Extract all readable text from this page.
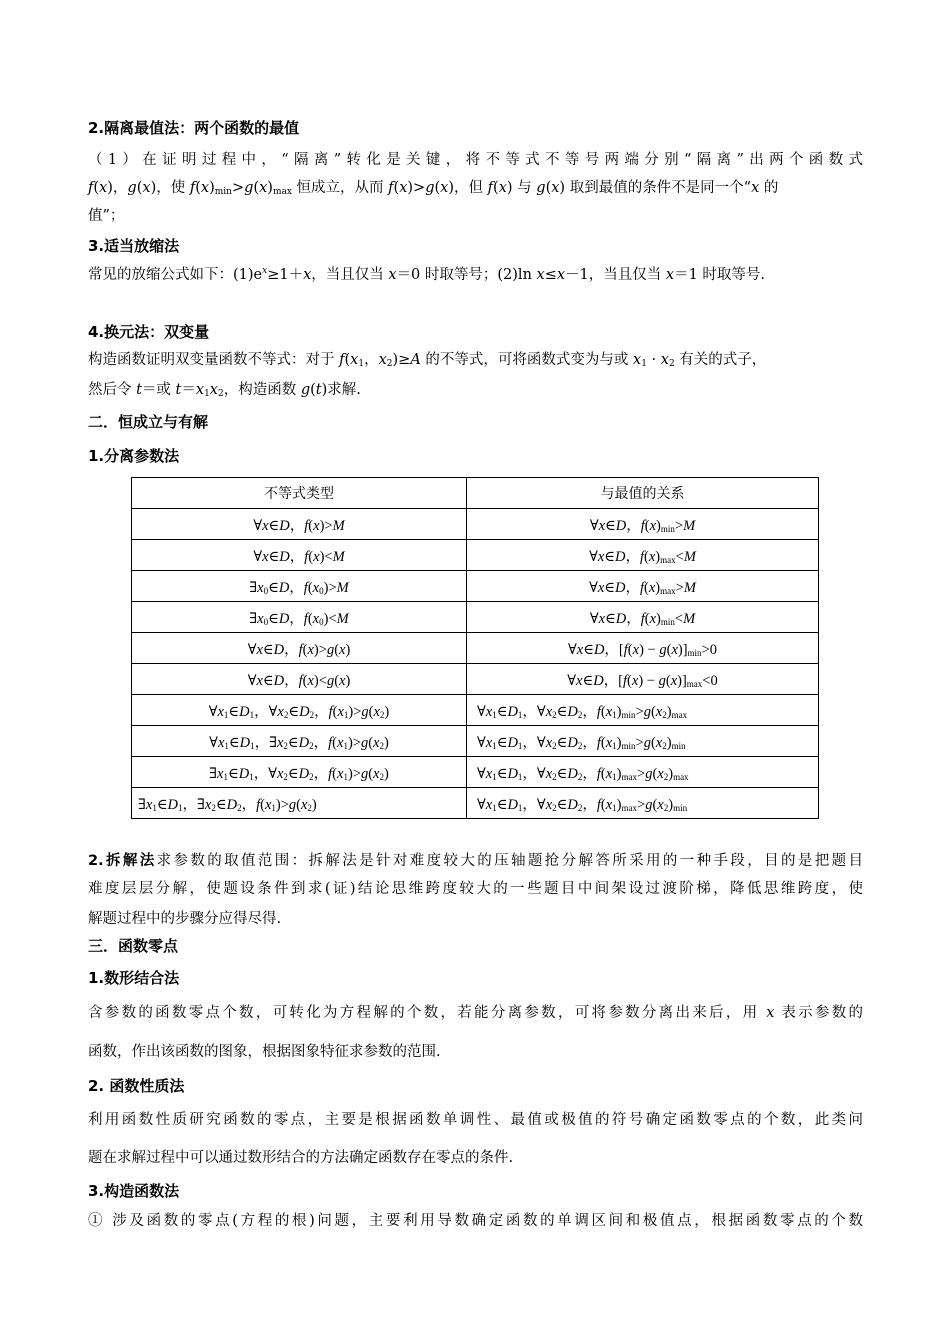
2.隔离最值法：两个函数的最值
（1）在证明过程中，“隔离”转化是关键，将不等式不等号两端分别“隔离”出两个函数式
f(x)，g(x)，使 $f(x)_{min}>g(x)_{max}$ 恒成立，从而 f(x)>g(x)，但 f(x) 与 g(x) 取到最值的条件不是同一个“x 的
值”；
3.适当放缩法
常见的放缩公式如下：$(1)e^x\ge 1+x$，当且仅当 x＝0 时取等号；(2)ln x≤x－1，当且仅当 x＝1 时取等号.
4.换元法：双变量
构造函数证明双变量函数不等式：对于 $f(x_1$，$x_2)\ge A$ 的不等式，可将函数式变为与或 $x_1 \cdot x_2$ 有关的式子，
然后令 t＝或 $t=x_1x_2$，构造函数 g(t)求解.
二．恒成立与有解
1.分离参数法
不等式类型	与最值的关系
∀x∈D，f(x)>M	∀x∈D，$f(x)_{min}>M$
∀x∈D，f(x)<M	∀x∈D，$f(x)_{max}<M$
$\exists x_0\in D$，$f(x_0)>M$	∀x∈D，$f(x)_{max}>M$
$\exists x_0\in D$，$f(x_0)<M$	∀x∈D，$f(x)_{min}<M$
∀x∈D，f(x)>g(x)	∀x∈D，$[f(x) - g(x)]_{min}>0$
∀x∈D，f(x)<g(x)	∀x∈D，$[f(x) - g(x)]_{max}<0$
$\forall x_1\in D_1$，$\forall x_2\in D_2$，$f(x_1)>g(x_2)$	$\forall x_1\in D_1$，$\forall x_2\in D_2$，$f(x_1)_{min}>g(x_2)_{max}$
$\forall x_1\in D_1$，$\exists x_2\in D_2$，$f(x_1)>g(x_2)$	$\forall x_1\in D_1$，$\forall x_2\in D_2$，$f(x_1)_{min}>g(x_2)_{min}$
$\exists x_1\in D_1$，$\forall x_2\in D_2$，$f(x_1)>g(x_2)$	$\forall x_1\in D_1$，$\forall x_2\in D_2$，$f(x_1)_{max}>g(x_2)_{max}$
$\exists x_1\in D_1$，$\exists x_2\in D_2$，$f(x_1)>g(x_2)$	$\forall x_1\in D_1$，$\forall x_2\in D_2$，$f(x_1)_{max}>g(x_2)_{min}$
2.拆解法求参数的取值范围：拆解法是针对难度较大的压轴题抢分解答所采用的一种手段，目的是把题目
难度层层分解，使题设条件到求(证)结论思维跨度较大的一些题目中间架设过渡阶梯，降低思维跨度，使
解题过程中的步骤分应得尽得.
三．函数零点
1.数形结合法
含参数的函数零点个数，可转化为方程解的个数，若能分离参数，可将参数分离出来后，用 x 表示参数的
函数，作出该函数的图象，根据图象特征求参数的范围.
2. 函数性质法
利用函数性质研究函数的零点，主要是根据函数单调性、最值或极值的符号确定函数零点的个数，此类问
题在求解过程中可以通过数形结合的方法确定函数存在零点的条件.
3.构造函数法
① 涉及函数的零点(方程的根)问题，主要利用导数确定函数的单调区间和极值点，根据函数零点的个数
